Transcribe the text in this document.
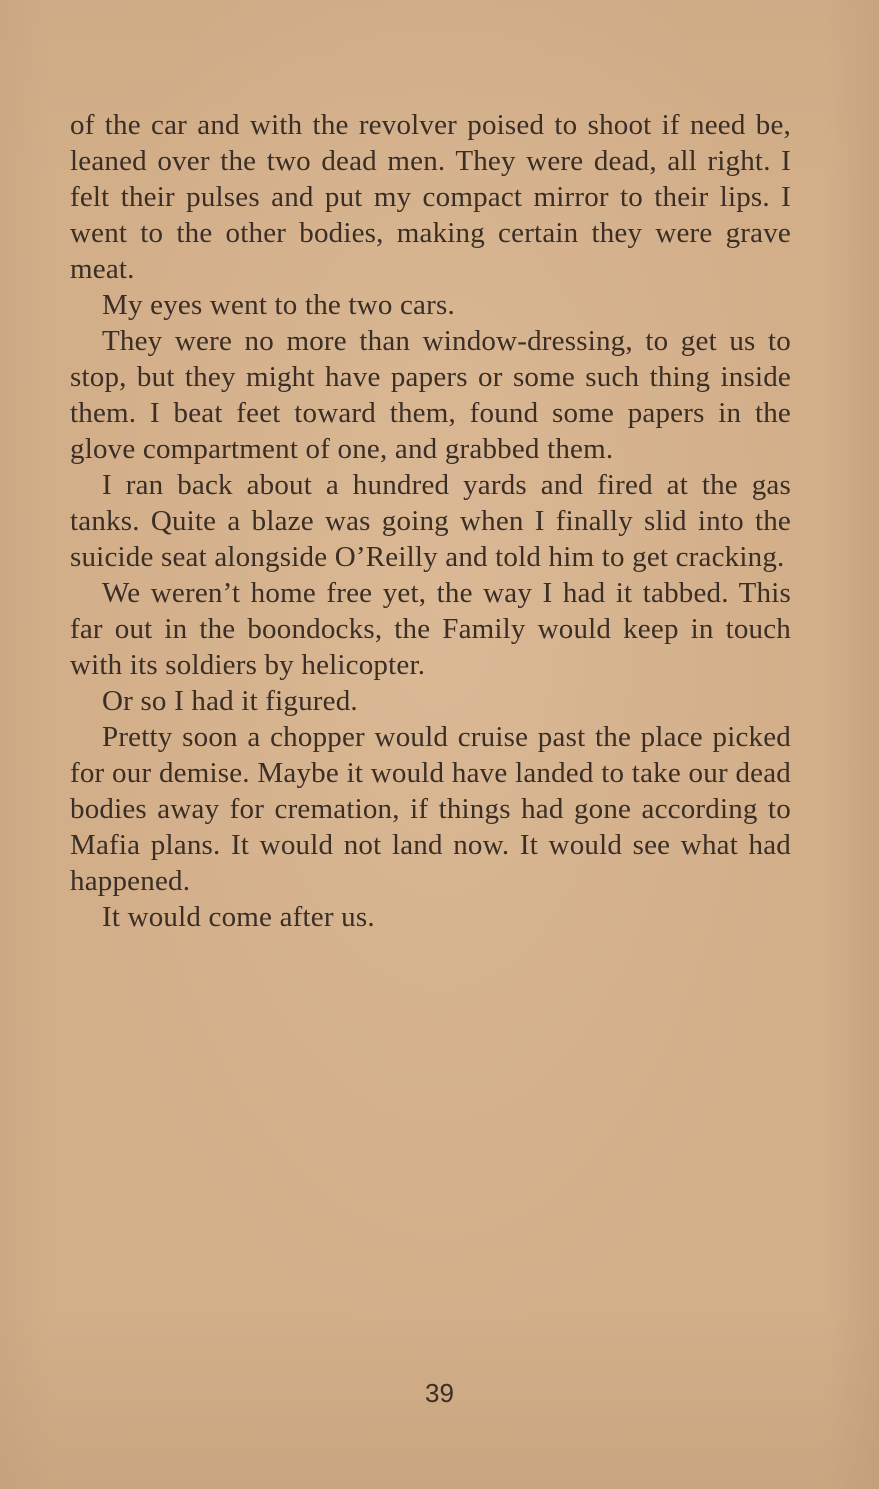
of the car and with the revolver poised to shoot if need be, leaned over the two dead men. They were dead, all right. I felt their pulses and put my compact mirror to their lips. I went to the other bodies, making certain they were grave meat.

My eyes went to the two cars.

They were no more than window-dressing, to get us to stop, but they might have papers or some such thing inside them. I beat feet toward them, found some papers in the glove compartment of one, and grabbed them.

I ran back about a hundred yards and fired at the gas tanks. Quite a blaze was going when I finally slid into the suicide seat alongside O’Reilly and told him to get cracking.

We weren’t home free yet, the way I had it tabbed. This far out in the boondocks, the Family would keep in touch with its soldiers by helicopter.

Or so I had it figured.

Pretty soon a chopper would cruise past the place picked for our demise. Maybe it would have landed to take our dead bodies away for cremation, if things had gone according to Mafia plans. It would not land now. It would see what had happened.

It would come after us.

39
